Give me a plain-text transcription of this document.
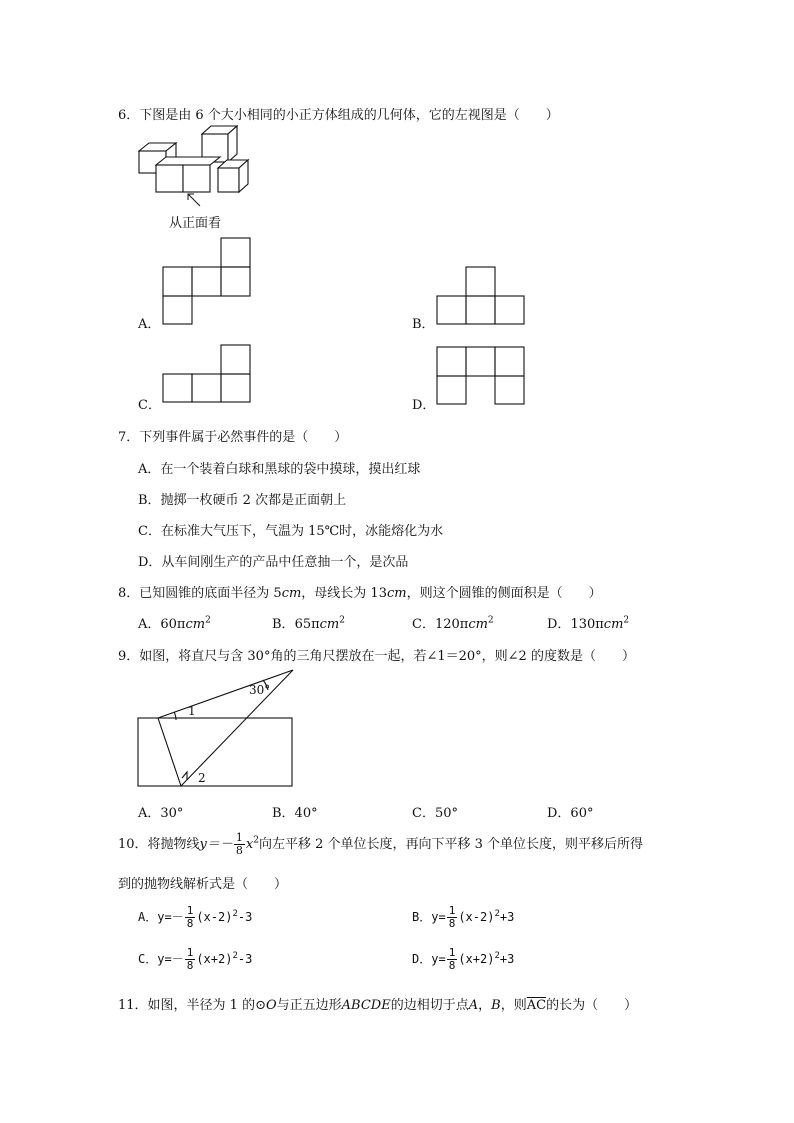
6．下图是由 6 个大小相同的小正方体组成的几何体，它的左视图是（　　）
从正面看
A．	B．
C．	D．
7．下列事件属于必然事件的是（　　）
A．在一个装着白球和黑球的袋中摸球，摸出红球
B．抛掷一枚硬币 2 次都是正面朝上
C．在标准大气压下，气温为 15℃时，冰能熔化为水
D．从车间刚生产的产品中任意抽一个，是次品
8．已知圆锥的底面半径为 5cm，母线长为 13cm，则这个圆锥的侧面积是（　　）
A．60πcm$^2$	B．65πcm$^2$	C．120πcm$^2$	D．130πcm$^2$
9．如图，将直尺与含 30°角的三角尺摆放在一起，若∠1＝20°，则∠2 的度数是（　　）
30°
1
2
A．30°	B．40°	C．50°	D．60°
10．将抛物线$y=- \frac{1}{8} x^2$向左平移 2 个单位长度，再向下平移 3 个单位长度，则平移后所得
到的抛物线解析式是（　　）
A．$y=- \frac{1}{8} (x-2)^2-3$	B．$y= \frac{1}{8} (x-2)^2+3$
C．$y=- \frac{1}{8} (x+2)^2-3$	D．$y= \frac{1}{8} (x+2)^2+3$
11．如图，半径为 1 的⊙O与正五边形ABCDE的边相切于点A，B，则$\overline{AC}$的长为（　　）
